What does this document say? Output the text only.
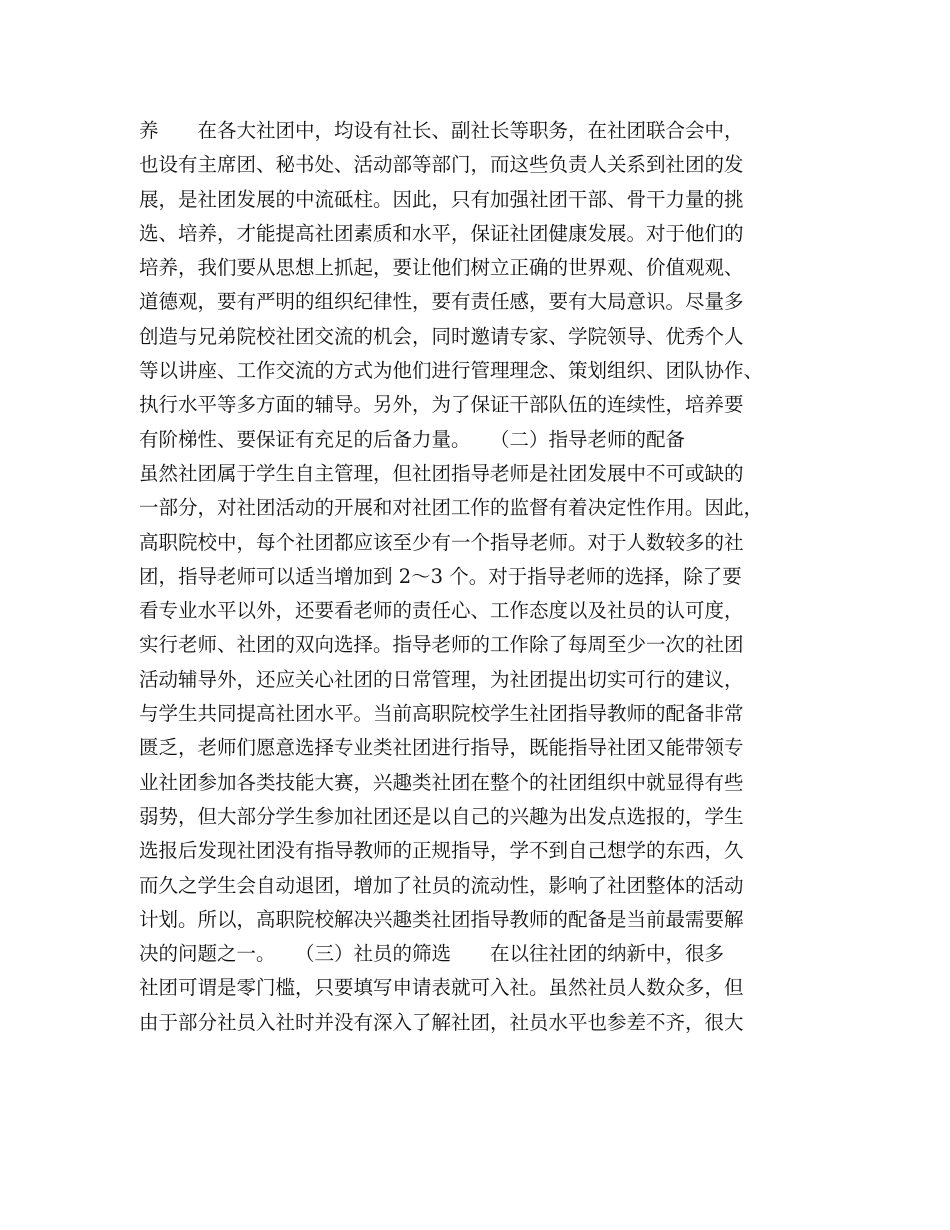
养　　在各大社团中，均设有社长、副社长等职务，在社团联合会中，
也设有主席团、秘书处、活动部等部门，而这些负责人关系到社团的发
展，是社团发展的中流砥柱。因此，只有加强社团干部、骨干力量的挑
选、培养，才能提高社团素质和水平，保证社团健康发展。对于他们的
培养，我们要从思想上抓起，要让他们树立正确的世界观、价值观观、
道德观，要有严明的组织纪律性，要有责任感，要有大局意识。尽量多
创造与兄弟院校社团交流的机会，同时邀请专家、学院领导、优秀个人
等以讲座、工作交流的方式为他们进行管理理念、策划组织、团队协作、
执行水平等多方面的辅导。另外，为了保证干部队伍的连续性，培养要
有阶梯性、要保证有充足的后备力量。　　（二）指导老师的配备
虽然社团属于学生自主管理，但社团指导老师是社团发展中不可或缺的
一部分，对社团活动的开展和对社团工作的监督有着决定性作用。因此，
高职院校中，每个社团都应该至少有一个指导老师。对于人数较多的社
团，指导老师可以适当增加到 2～3 个。对于指导老师的选择，除了要
看专业水平以外，还要看老师的责任心、工作态度以及社员的认可度，
实行老师、社团的双向选择。指导老师的工作除了每周至少一次的社团
活动辅导外，还应关心社团的日常管理，为社团提出切实可行的建议，
与学生共同提高社团水平。当前高职院校学生社团指导教师的配备非常
匮乏，老师们愿意选择专业类社团进行指导，既能指导社团又能带领专
业社团参加各类技能大赛，兴趣类社团在整个的社团组织中就显得有些
弱势，但大部分学生参加社团还是以自己的兴趣为出发点选报的，学生
选报后发现社团没有指导教师的正规指导，学不到自己想学的东西，久
而久之学生会自动退团，增加了社员的流动性，影响了社团整体的活动
计划。所以，高职院校解决兴趣类社团指导教师的配备是当前最需要解
决的问题之一。　　（三）社员的筛选　　在以往社团的纳新中，很多
社团可谓是零门槛，只要填写申请表就可入社。虽然社员人数众多，但
由于部分社员入社时并没有深入了解社团，社员水平也参差不齐，很大
